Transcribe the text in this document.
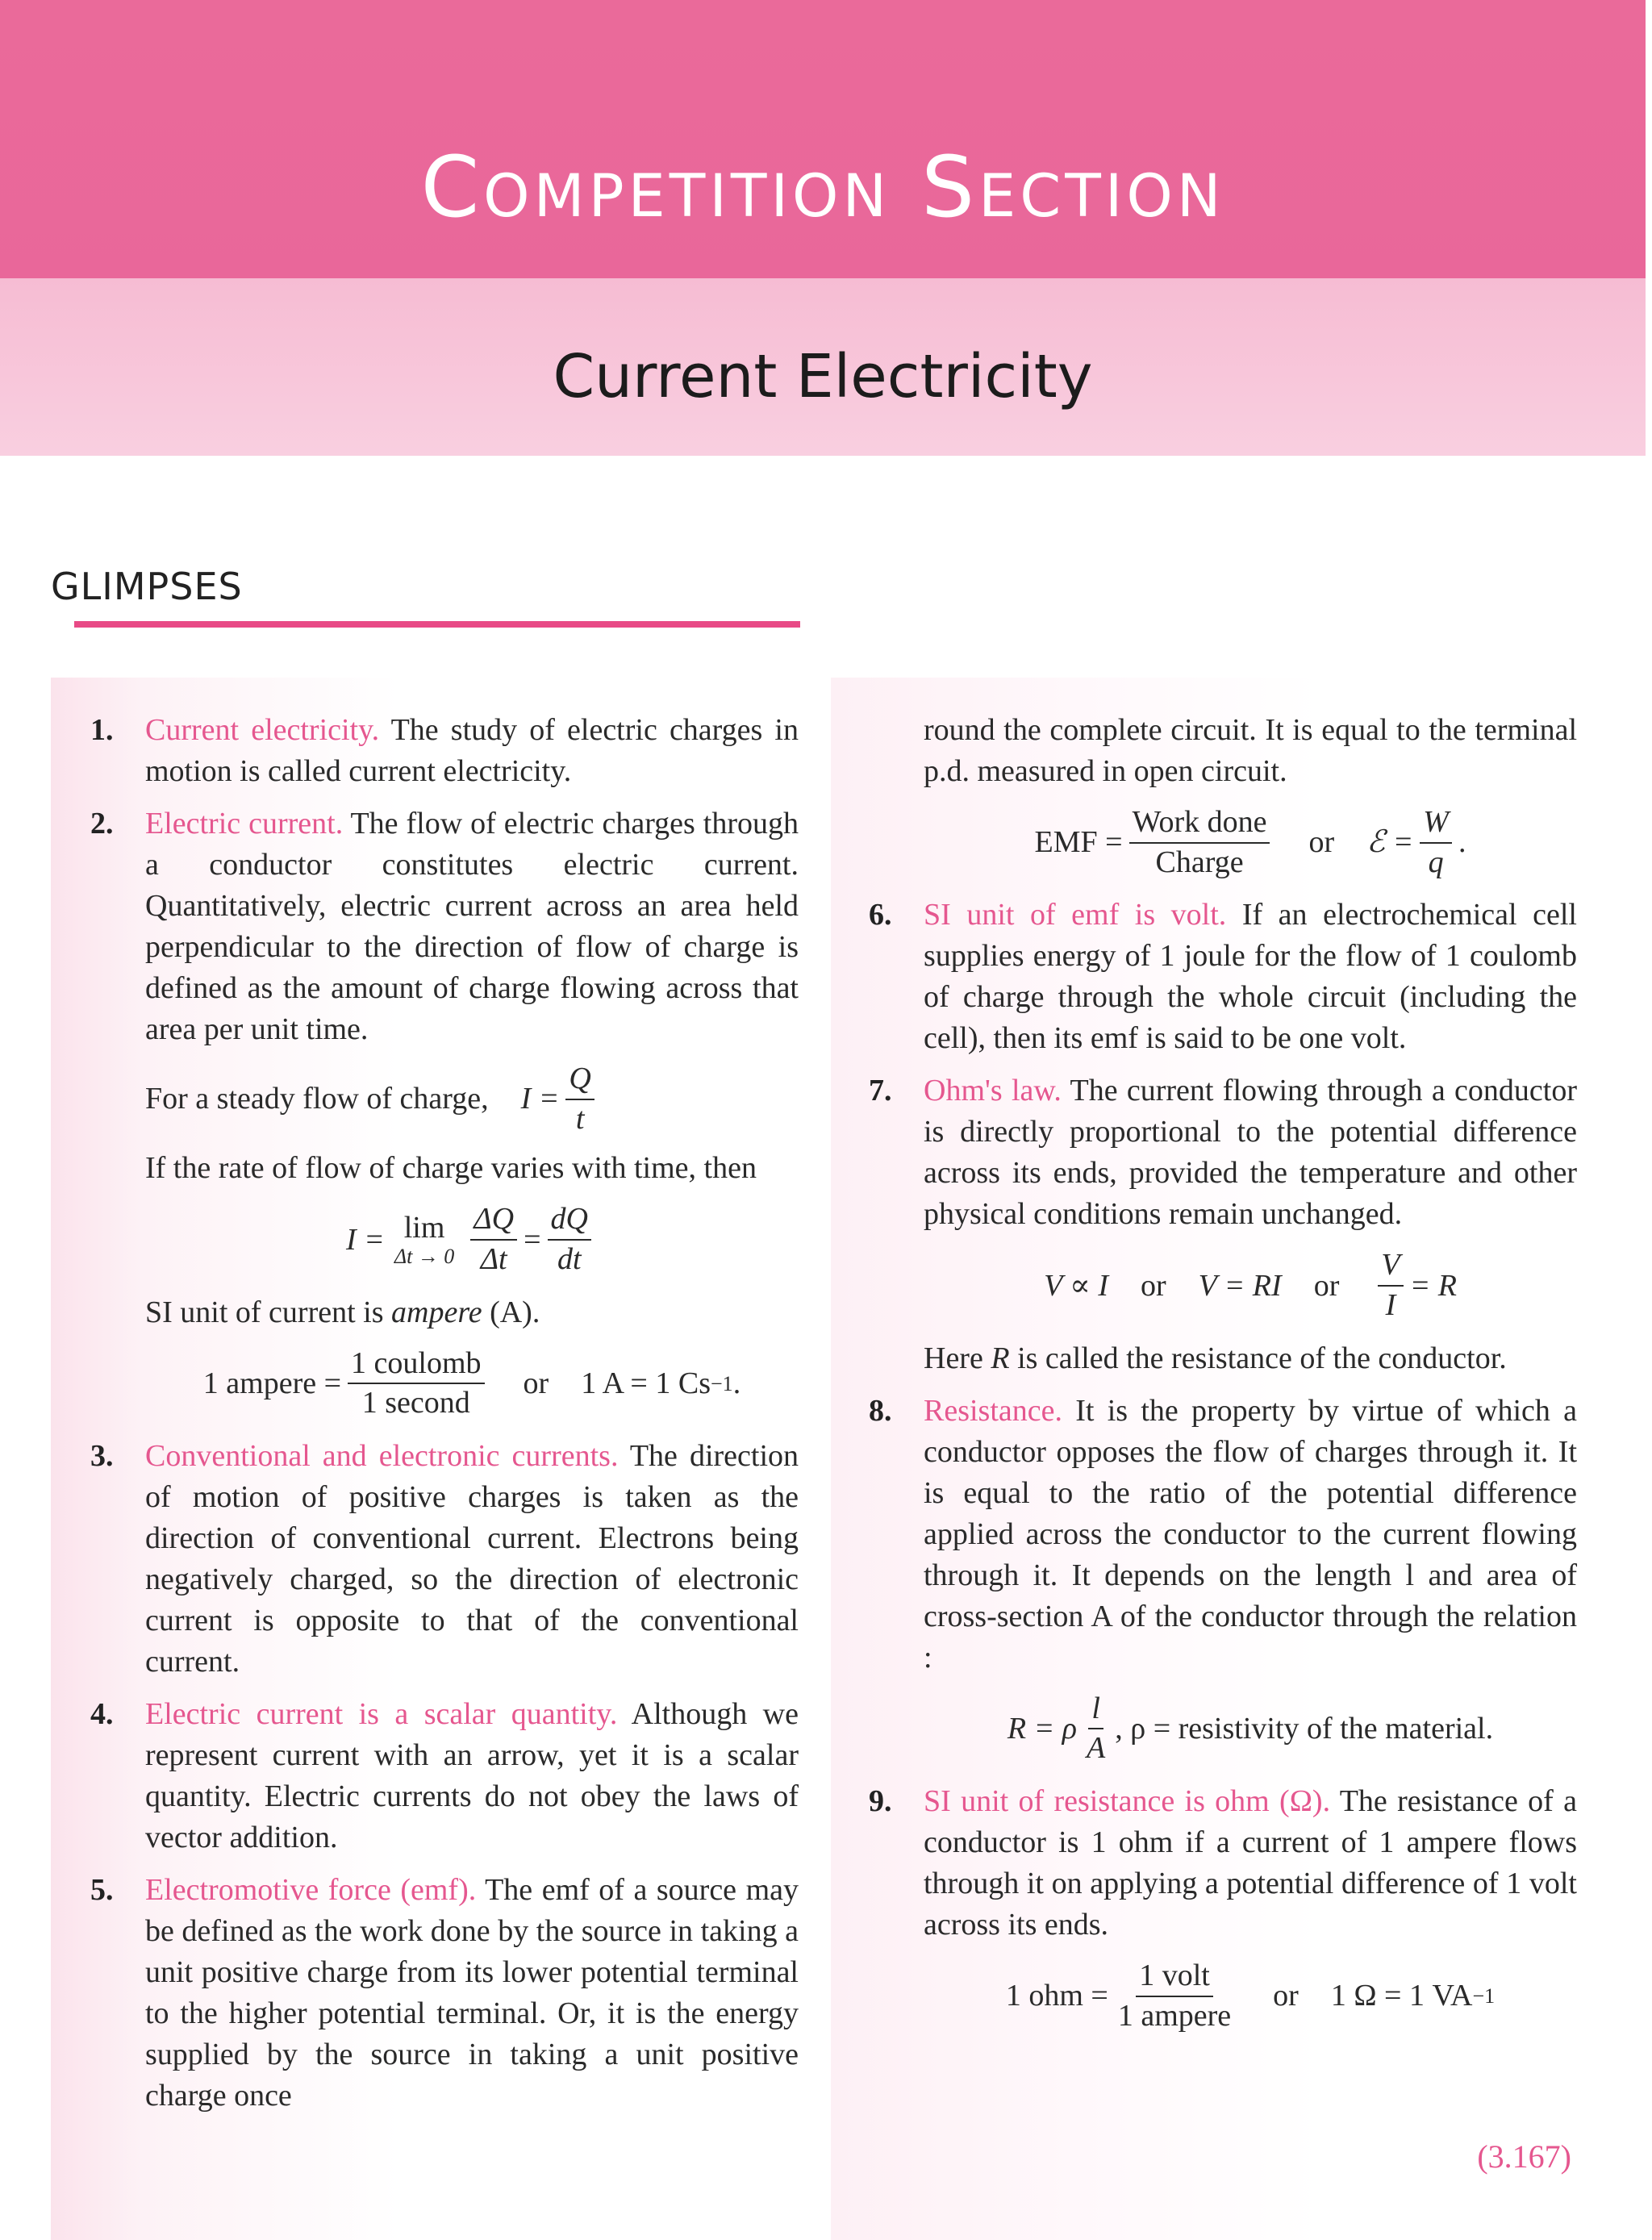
Competition Section
Current Electricity
GLIMPSES
1. Current electricity. The study of electric charges in motion is called current electricity.
2. Electric current. The flow of electric charges through a conductor constitutes electric current. Quantitatively, electric current across an area held perpendicular to the direction of flow of charge is defined as the amount of charge flowing across that area per unit time.

For a steady flow of charge, $I = \frac{Q}{t}$

If the rate of flow of charge varies with time, then

I = lim
$\Delta t \to 0 \frac{\Delta Q}{\Delta t} = \frac{dQ}{dt}$

SI unit of current is ampere (A).

1 ampere = $\frac{\text{1 coulomb}}{\text{1 second}}$ or 1 A = 1 Cs −1 .
3. Conventional and electronic currents. The direction of motion of positive charges is taken as the direction of conventional current. Electrons being negatively charged, so the direction of electronic current is opposite to that of the conventional current.
4. Electric current is a scalar quantity. Although we represent current with an arrow, yet it is a scalar quantity. Electric currents do not obey the laws of vector addition.
5. Electromotive force (emf). The emf of a source may be defined as the work done by the source in taking a unit positive charge from its lower potential terminal to the higher potential terminal. Or, it is the energy supplied by the source in taking a unit positive charge once

round the complete circuit. It is equal to the terminal p.d. measured in open circuit.

EMF = $\frac{\text{Work done}}{\text{Charge}}$ or ℰ = $\frac{W}{q}$ .
6. SI unit of emf is volt. If an electrochemical cell supplies energy of 1 joule for the flow of 1 coulomb of charge through the whole circuit (including the cell), then its emf is said to be one volt.
7. Ohm's law. The current flowing through a conductor is directly proportional to the potential difference across its ends, provided the temperature and other physical conditions remain unchanged.

V ∝ I or V = RI or $\frac{V}{I} = R$

Here R is called the resistance of the conductor.

8. Resistance. It is the property by virtue of which a conductor opposes the flow of charges through it. It is equal to the ratio of the potential difference applied across the conductor to the current flowing through it. It depends on the length l and area of cross-section A of the conductor through the relation :

R = ρ $\frac{l}{A}$ , ρ = resistivity of the material.
9. SI unit of resistance is ohm (Ω). The resistance of a conductor is 1 ohm if a current of 1 ampere flows through it on applying a potential difference of 1 volt across its ends.

1 ohm = $\frac{\text{1 volt}}{\text{1 ampere}}$ or 1 Ω = 1 VA −1
(3.167)
